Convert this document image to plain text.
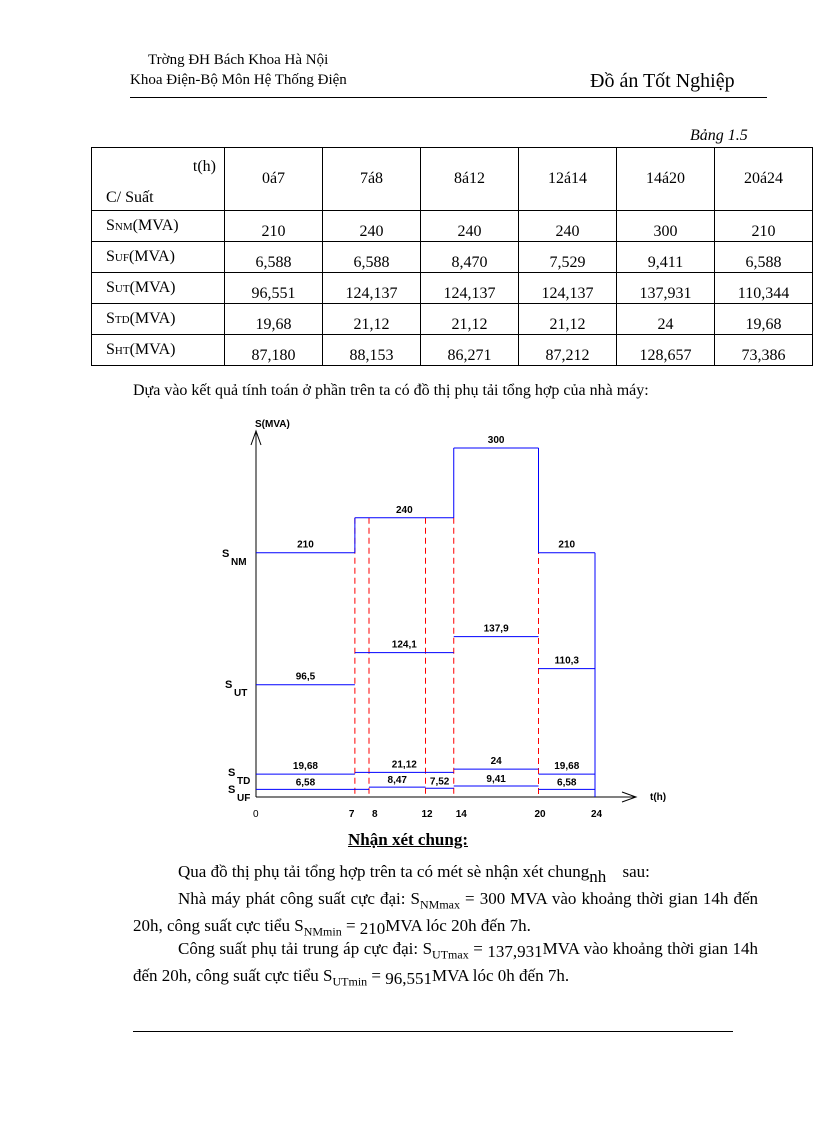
Trờng ĐH Bách Khoa Hà Nội
Khoa Điện-Bộ Môn Hệ Thống Điện	Đồ án Tốt Nghiệp
Bảng 1.5
t(h)
C/ Suất	0á7	7á8	8á12	12á14	14á20	20á24
SNM(MVA)	210	240	240	240	300	210
SUF(MVA)	6,588	6,588	8,470	7,529	9,411	6,588
SUT(MVA)	96,551	124,137	124,137	124,137	137,931	110,344
STD(MVA)	19,68	21,12	21,12	21,12	24	19,68
SHT(MVA)	87,180	88,153	86,271	87,212	128,657	73,386
Dựa vào kết quả tính toán ở phần trên ta có đồ thị phụ tải tổng hợp của nhà máy:
S(MVA)
t(h)
0	7 8	12 14	20	24
210
240
300
210
96,5
124,1
137,9
110,3
19,68	21,12	24	19,68
6,58	8,47 7,52	9,41	6,58
S
NM
S
UT
S
TD
S
UF
Nhận xét chung:
Qua đồ thị phụ tải tổng hợp trên ta có mét sè nhận xét chungnh sau:
Nhà máy phát công suất cực đại: $S_{NMmax} = 300$ MVA vào khoảng thời gian 14h đến 20h, công suất cực tiểu $S_{NMmin} = 210MVA$ lóc 20h đến 7h.
Công suất phụ tải trung áp cực đại: $S_{UTmax} = 137,931MVA$ vào khoảng thời gian 14h đến 20h, công suất cực tiểu $S_{UTmin} = 96,551MVA$ lóc 0h đến 7h.
